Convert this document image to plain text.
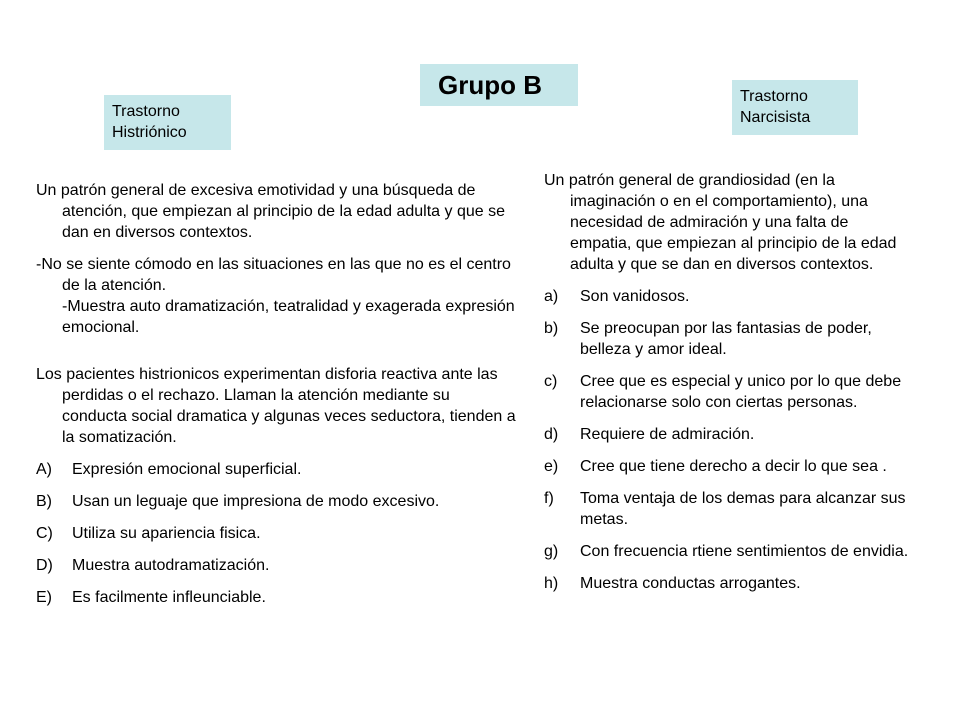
Grupo B
Trastorno Histriónico
Trastorno Narcisista

Un patrón general de excesiva emotividad y una búsqueda de atención, que empiezan al principio de la edad adulta y que se dan en diversos contextos.

-No se siente cómodo en las situaciones en las que no es el centro de la atención.
-Muestra auto dramatización, teatralidad y exagerada expresión emocional.

Los pacientes histrionicos experimentan disforia reactiva ante las perdidas o el rechazo. Llaman la atención mediante su conducta social dramatica y algunas veces seductora, tienden a la somatización.

A) Expresión emocional superficial.
B) Usan un leguaje que impresiona de modo excesivo.
C) Utiliza su apariencia fisica.
D) Muestra autodramatización.
E) Es facilmente infleunciable.

Un patrón general de grandiosidad (en la imaginación o en el comportamiento), una necesidad de admiración y una falta de empatia, que empiezan al principio de la edad adulta y que se dan en diversos contextos.

a) Son vanidosos.
b) Se preocupan por las fantasias de poder, belleza y amor ideal.
c) Cree que es especial y unico por lo que debe relacionarse solo con ciertas personas.
d) Requiere de admiración.
e) Cree que tiene derecho a decir lo que sea .
f) Toma ventaja de los demas para alcanzar sus metas.
g) Con frecuencia rtiene sentimientos de envidia.
h) Muestra conductas arrogantes.
